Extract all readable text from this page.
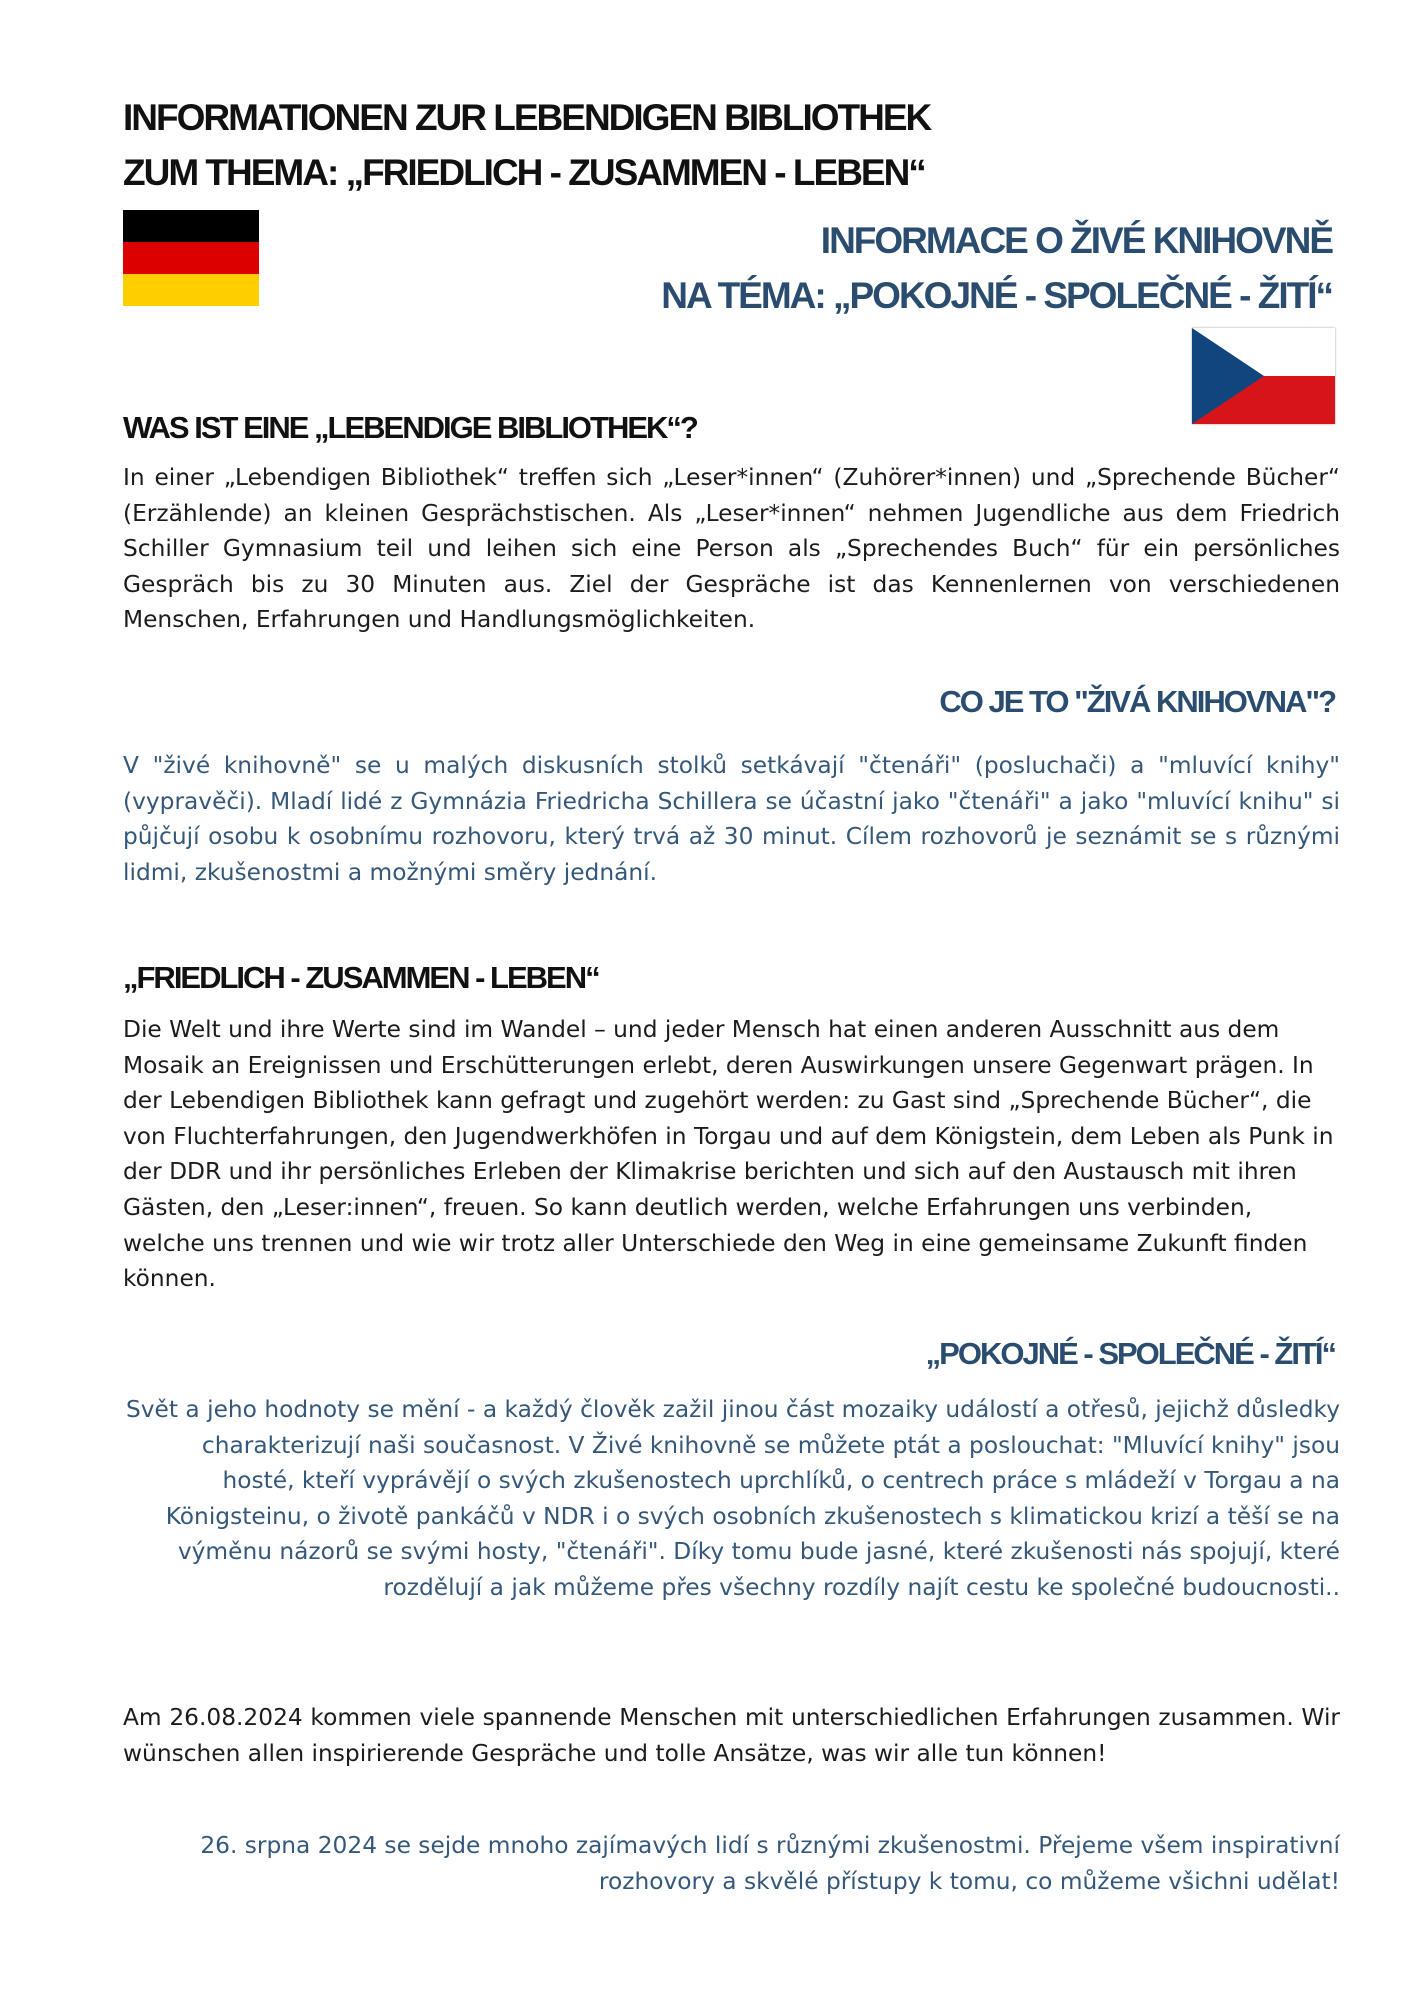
INFORMATIONEN ZUR LEBENDIGEN BIBLIOTHEK
ZUM THEMA: „FRIEDLICH - ZUSAMMEN - LEBEN“
INFORMACE O ŽIVÉ KNIHOVNĚ
NA TÉMA: „POKOJNÉ - SPOLEČNÉ - ŽITÍ“
WAS IST EINE „LEBENDIGE BIBLIOTHEK“?

In einer „Lebendigen Bibliothek“ treffen sich „Leser*innen“ (Zuhörer*innen) und „Sprechende Bücher“ (Erzählende) an kleinen Gesprächstischen. Als „Leser*innen“ nehmen Jugendliche aus dem Friedrich Schiller Gymnasium teil und leihen sich eine Person als „Sprechendes Buch“ für ein persönliches Gespräch bis zu 30 Minuten aus. Ziel der Gespräche ist das Kennenlernen von verschiedenen Menschen, Erfahrungen und Handlungsmöglichkeiten.

CO JE TO "ŽIVÁ KNIHOVNA"?

V "živé knihovně" se u malých diskusních stolků setkávají "čtenáři" (posluchači) a "mluvící knihy" (vypravěči). Mladí lidé z Gymnázia Friedricha Schillera se účastní jako "čtenáři" a jako "mluvící knihu" si půjčují osobu k osobnímu rozhovoru, který trvá až 30 minut. Cílem rozhovorů je seznámit se s různými lidmi, zkušenostmi a možnými směry jednání.

„FRIEDLICH - ZUSAMMEN - LEBEN“

Die Welt und ihre Werte sind im Wandel – und jeder Mensch hat einen anderen Ausschnitt aus dem Mosaik an Ereignissen und Erschütterungen erlebt, deren Auswirkungen unsere Gegenwart prägen. In der Lebendigen Bibliothek kann gefragt und zugehört werden: zu Gast sind „Sprechende Bücher“, die von Fluchterfahrungen, den Jugendwerkhöfen in Torgau und auf dem Königstein, dem Leben als Punk in der DDR und ihr persönliches Erleben der Klimakrise berichten und sich auf den Austausch mit ihren Gästen, den „Leser:innen“, freuen. So kann deutlich werden, welche Erfahrungen uns verbinden, welche uns trennen und wie wir trotz aller Unterschiede den Weg in eine gemeinsame Zukunft finden können.

„POKOJNÉ - SPOLEČNÉ - ŽITÍ“

Svět a jeho hodnoty se mění - a každý člověk zažil jinou část mozaiky událostí a otřesů, jejichž důsledky charakterizují naši současnost. V Živé knihovně se můžete ptát a poslouchat: "Mluvící knihy" jsou hosté, kteří vyprávějí o svých zkušenostech uprchlíků, o centrech práce s mládeží v Torgau a na Königsteinu, o životě pankáčů v NDR i o svých osobních zkušenostech s klimatickou krizí a těší se na výměnu názorů se svými hosty, "čtenáři". Díky tomu bude jasné, které zkušenosti nás spojují, které rozdělují a jak můžeme přes všechny rozdíly najít cestu ke společné budoucnosti..

Am 26.08.2024 kommen viele spannende Menschen mit unterschiedlichen Erfahrungen zusammen. Wir wünschen allen inspirierende Gespräche und tolle Ansätze, was wir alle tun können!

26. srpna 2024 se sejde mnoho zajímavých lidí s různými zkušenostmi. Přejeme všem inspirativní rozhovory a skvělé přístupy k tomu, co můžeme všichni udělat!
